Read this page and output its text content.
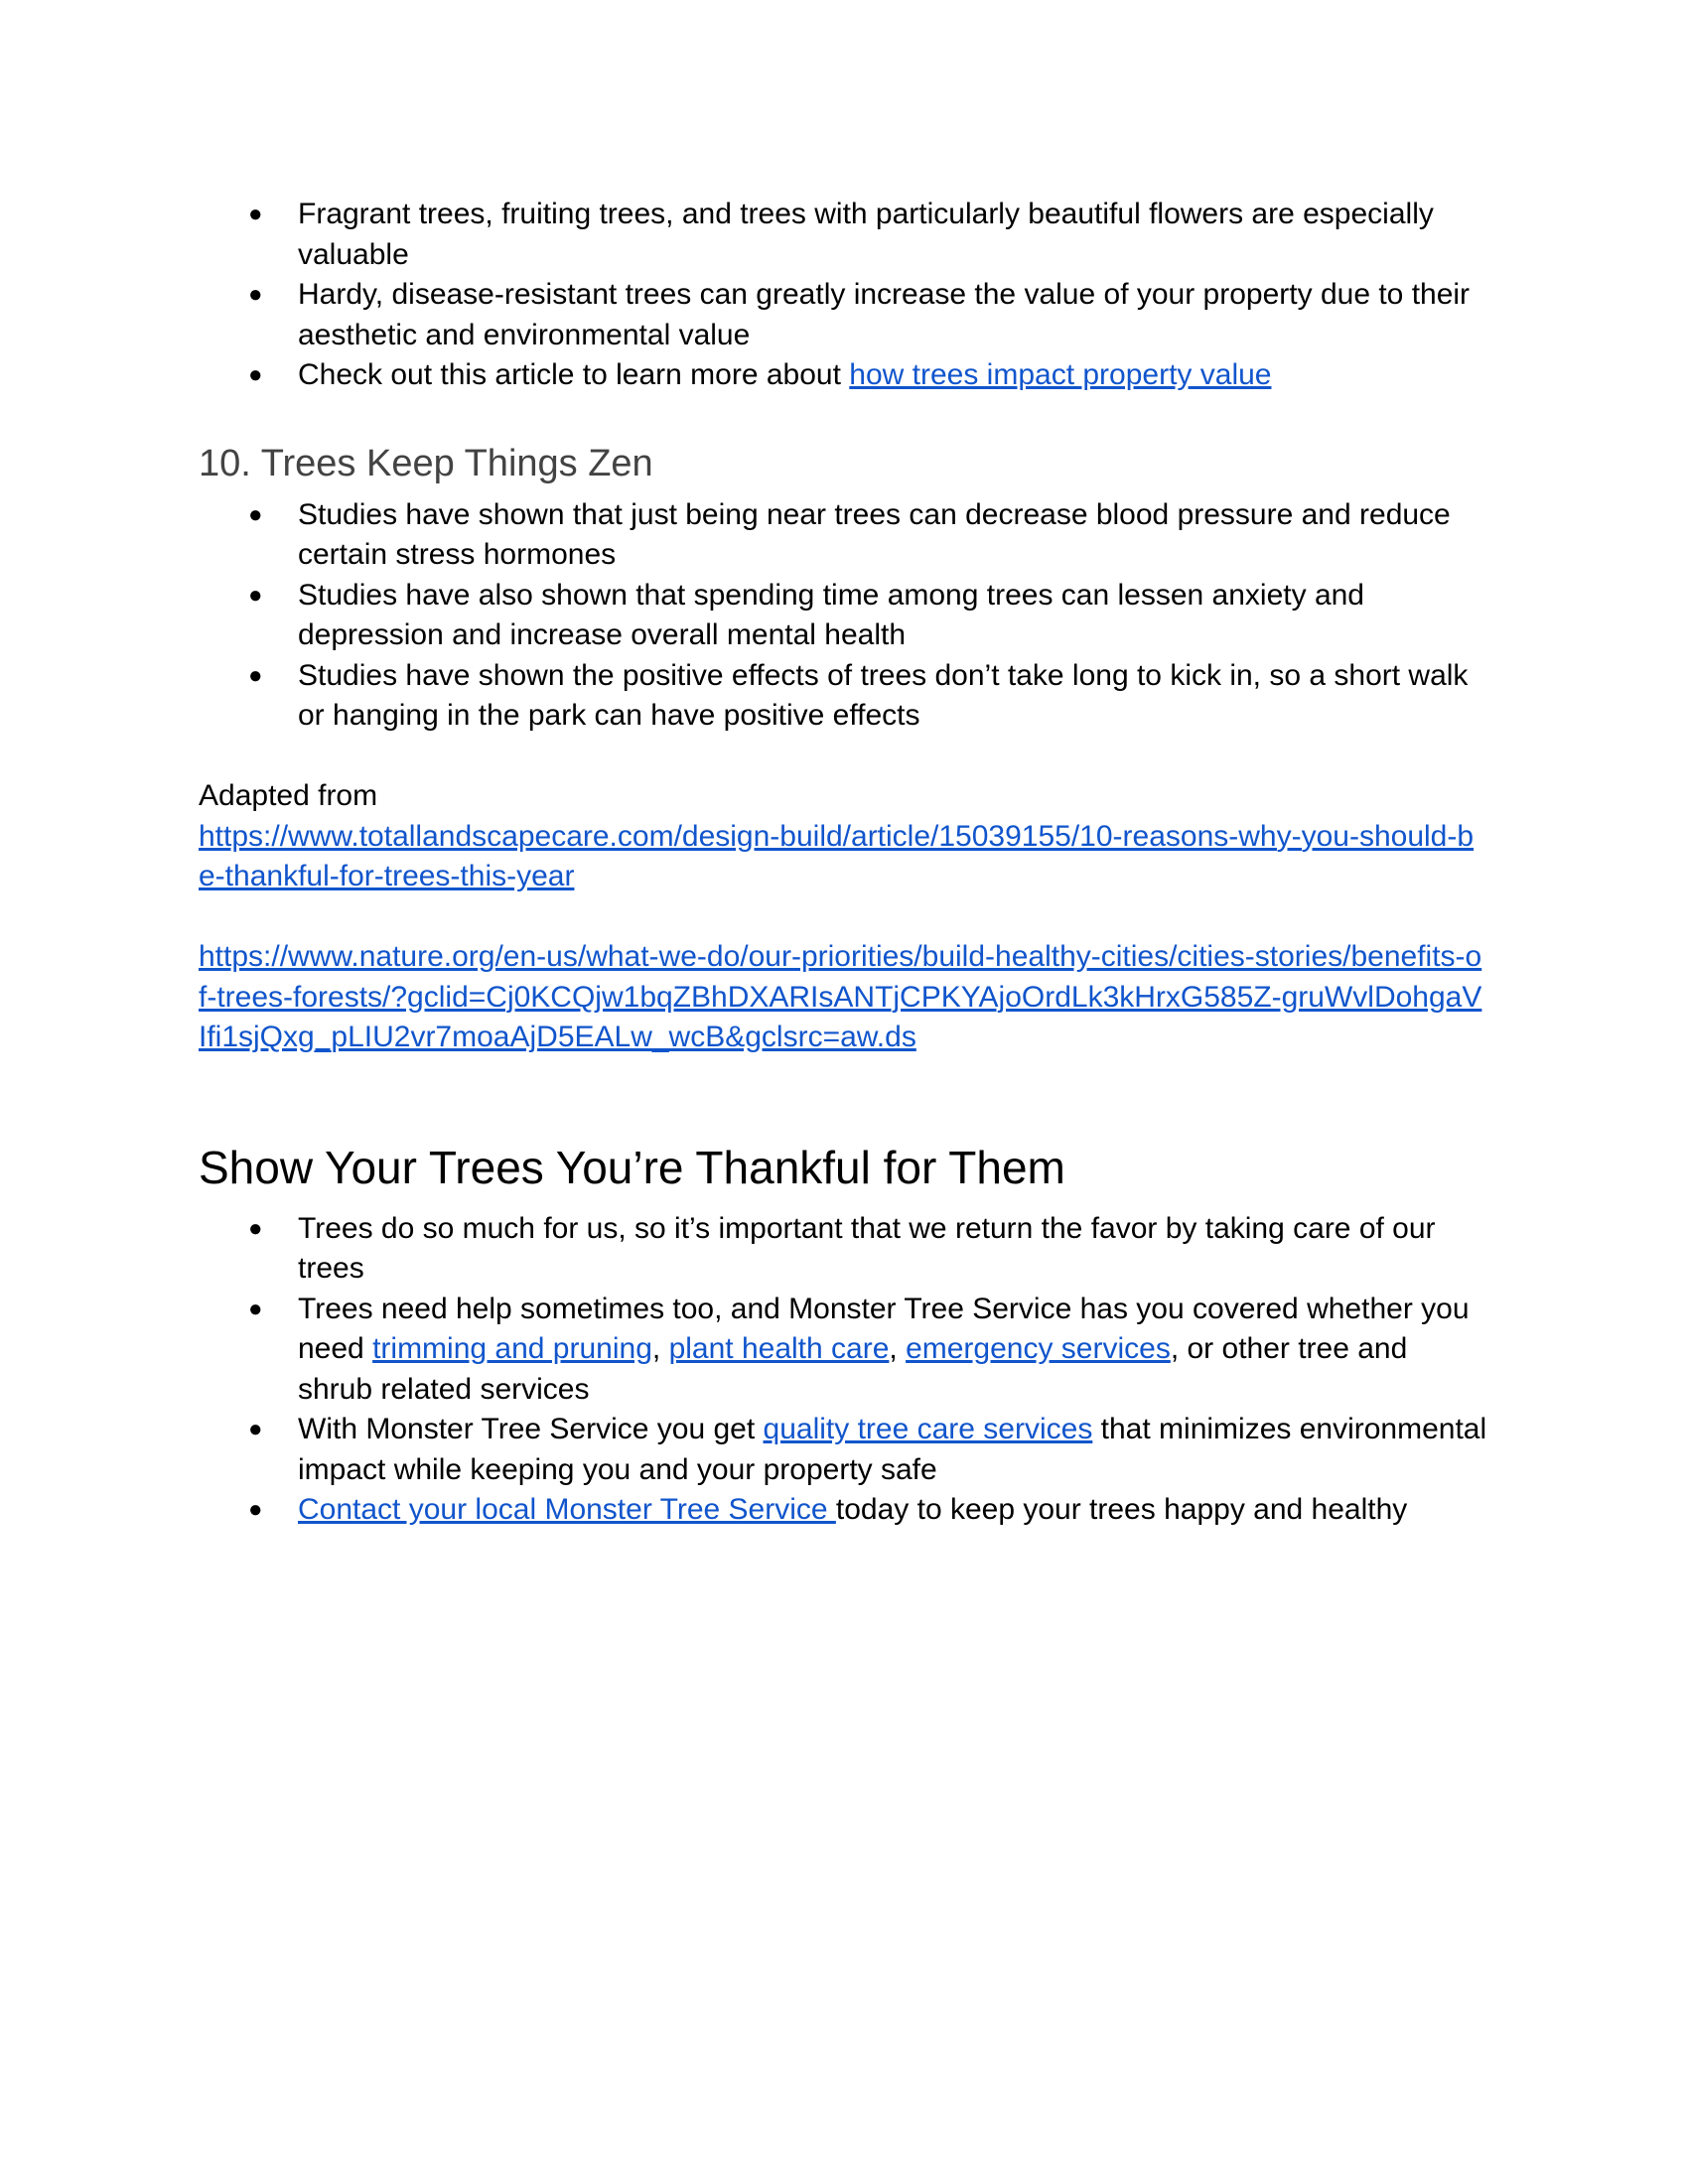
● Fragrant trees, fruiting trees, and trees with particularly beautiful flowers are especially valuable
● Hardy, disease-resistant trees can greatly increase the value of your property due to their aesthetic and environmental value
● Check out this article to learn more about how trees impact property value
10. Trees Keep Things Zen
● Studies have shown that just being near trees can decrease blood pressure and reduce certain stress hormones
● Studies have also shown that spending time among trees can lessen anxiety and depression and increase overall mental health
● Studies have shown the positive effects of trees don’t take long to kick in, so a short walk or hanging in the park can have positive effects

Adapted from

https://www.totallandscapecare.com/design-build/article/15039155/10-reasons-why-you-should-be-thankful-for-trees-this-year

https://www.nature.org/en-us/what-we-do/our-priorities/build-healthy-cities/cities-stories/benefits-of-trees-forests/?gclid=Cj0KCQjw1bqZBhDXARIsANTjCPKYAjoOrdLk3kHrxG585Z-gruWvlDohgaVIfi1sjQxg_pLIU2vr7moaAjD5EALw_wcB&gclsrc=aw.ds

Show Your Trees You’re Thankful for Them
● Trees do so much for us, so it’s important that we return the favor by taking care of our trees
● Trees need help sometimes too, and Monster Tree Service has you covered whether you need trimming and pruning, plant health care, emergency services, or other tree and shrub related services
● With Monster Tree Service you get quality tree care services that minimizes environmental impact while keeping you and your property safe
● Contact your local Monster Tree Service today to keep your trees happy and healthy
